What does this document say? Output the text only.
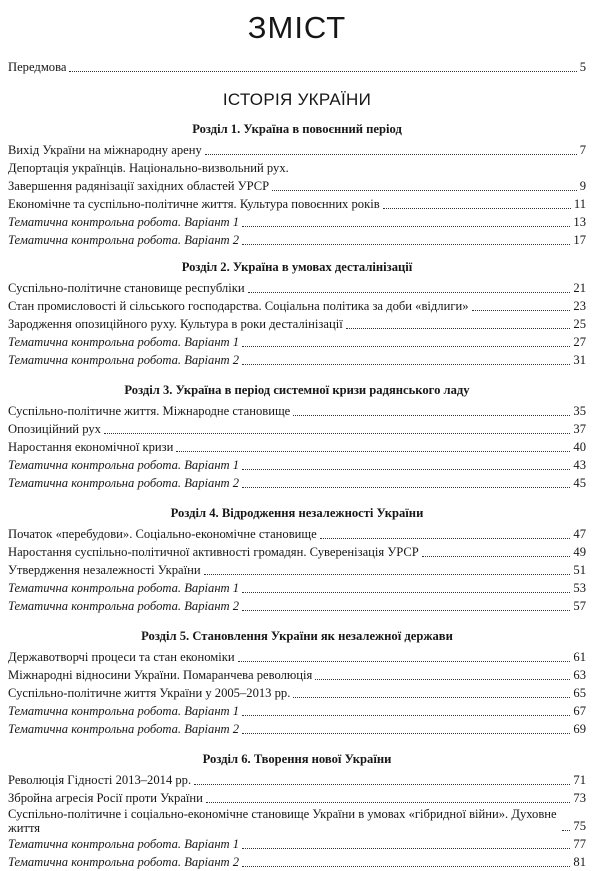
ЗМІСТ
Передмова	5
ІСТОРІЯ УКРАЇНИ
Розділ 1. Україна в повоєнний період
Вихід України на міжнародну арену	7
Депортація українців. Національно-визвольний рух.
Завершення радянізації західних областей УРСР	9
Економічне та суспільно-політичне життя. Культура повоєнних років	11
Тематична контрольна робота. Варіант 1	13
Тематична контрольна робота. Варіант 2	17
Розділ 2. Україна в умовах десталінізації
Суспільно-політичне становище республіки	21
Стан промисловості й сільського господарства. Соціальна політика за доби «відлиги»	23
Зародження опозиційного руху. Культура в роки десталінізації	25
Тематична контрольна робота. Варіант 1	27
Тематична контрольна робота. Варіант 2	31
Розділ 3. Україна в період системної кризи радянського ладу
Суспільно-політичне життя. Міжнародне становище	35
Опозиційний рух	37
Наростання економічної кризи	40
Тематична контрольна робота. Варіант 1	43
Тематична контрольна робота. Варіант 2	45
Розділ 4. Відродження незалежності України
Початок «перебудови». Соціально-економічне становище	47
Наростання суспільно-політичної активності громадян. Суверенізація УРСР	49
Утвердження незалежності України	51
Тематична контрольна робота. Варіант 1	53
Тематична контрольна робота. Варіант 2	57
Розділ 5. Становлення України як незалежної держави
Державотворчі процеси та стан економіки	61
Міжнародні відносини України. Помаранчева революція	63
Суспільно-політичне життя України у 2005–2013 рр.	65
Тематична контрольна робота. Варіант 1	67
Тематична контрольна робота. Варіант 2	69
Розділ 6. Творення нової України
Революція Гідності 2013–2014 рр.	71
Збройна агресія Росії проти України	73
Суспільно-політичне і соціально-економічне становище України в умовах «гібридної війни». Духовне життя	75
Тематична контрольна робота. Варіант 1	77
Тематична контрольна робота. Варіант 2	81
